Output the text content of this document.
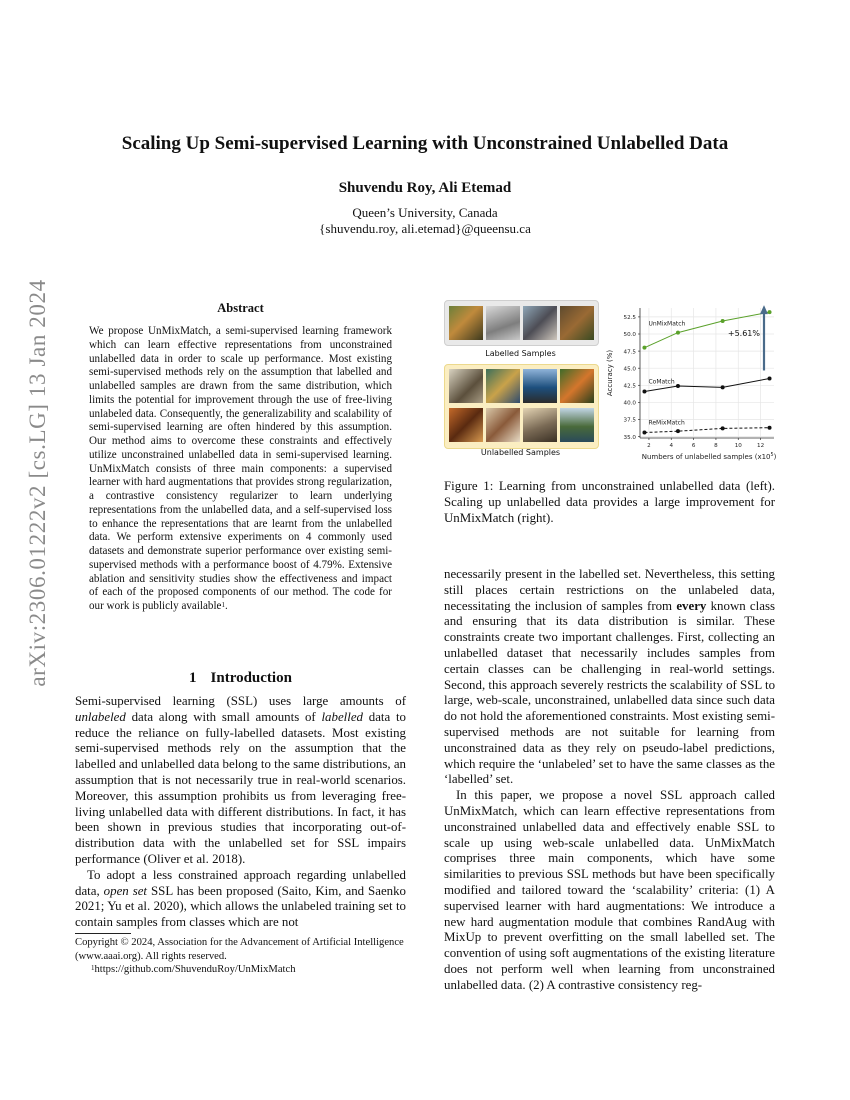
arXiv:2306.01222v2 [cs.LG] 13 Jan 2024
Scaling Up Semi-supervised Learning with Unconstrained Unlabelled Data
Shuvendu Roy, Ali Etemad
Queen’s University, Canada
{shuvendu.roy, ali.etemad}@queensu.ca
Abstract
We propose UnMixMatch, a semi-supervised learning framework which can learn effective representations from unconstrained unlabelled data in order to scale up performance. Most existing semi-supervised methods rely on the assumption that labelled and unlabelled samples are drawn from the same distribution, which limits the potential for improvement through the use of free-living unlabeled data. Consequently, the generalizability and scalability of semi-supervised learning are often hindered by this assumption. Our method aims to overcome these constraints and effectively utilize unconstrained unlabelled data in semi-supervised learning. UnMixMatch consists of three main components: a supervised learner with hard augmentations that provides strong regularization, a contrastive consistency regularizer to learn underlying representations from the unlabelled data, and a self-supervised loss to enhance the representations that are learnt from the unlabelled data. We perform extensive experiments on 4 commonly used datasets and demonstrate superior performance over existing semi-supervised methods with a performance boost of 4.79%. Extensive ablation and sensitivity studies show the effectiveness and impact of each of the proposed components of our method. The code for our work is publicly available$^1$.
1 Introduction

Semi-supervised learning (SSL) uses large amounts of unlabeled data along with small amounts of labelled data to reduce the reliance on fully-labelled datasets. Most existing semi-supervised methods rely on the assumption that the labelled and unlabelled data belong to the same distributions, an assumption that is not necessarily true in real-world scenarios. Moreover, this assumption prohibits us from leveraging free-living unlabelled data with different distributions. In fact, it has been shown in previous studies that incorporating out-of-distribution data with the unlabelled set for SSL impairs performance (Oliver et al. 2018).

To adopt a less constrained approach regarding unlabelled data, open set SSL has been proposed (Saito, Kim, and Saenko 2021; Yu et al. 2020), which allows the unlabeled training set to contain samples from classes which are not

Copyright © 2024, Association for the Advancement of Artificial Intelligence (www.aaai.org). All rights reserved.
$^1$https://github.com/ShuvenduRoy/UnMixMatch
Labelled Samples
Unlabelled Samples
35.0
37.5
40.0
42.5
45.0
47.5
50.0
52.5
2	4	6	8	10	12
Accuracy (%)
Numbers of unlabelled samples $(x10^5)$
UnMixMatch
CoMatch
ReMixMatch
+5.61%
Figure 1: Learning from unconstrained unlabelled data (left). Scaling up unlabelled data provides a large improvement for UnMixMatch (right).

necessarily present in the labelled set. Nevertheless, this setting still places certain restrictions on the unlabeled data, necessitating the inclusion of samples from every known class and ensuring that its data distribution is similar. These constraints create two important challenges. First, collecting an unlabelled dataset that necessarily includes samples from certain classes can be challenging in real-world settings. Second, this approach severely restricts the scalability of SSL to large, web-scale, unconstrained, unlabelled data since such data do not hold the aforementioned constraints. Most existing semi-supervised methods are not suitable for learning from unconstrained data as they rely on pseudo-label predictions, which require the ‘unlabeled’ set to have the same classes as the ‘labelled’ set.

In this paper, we propose a novel SSL approach called UnMixMatch, which can learn effective representations from unconstrained unlabelled data and effectively enable SSL to scale up using web-scale unlabelled data. UnMixMatch comprises three main components, which have some similarities to previous SSL methods but have been specifically modified and tailored toward the ‘scalability’ criteria: (1) A supervised learner with hard augmentations: We introduce a new hard augmentation module that combines RandAug with MixUp to prevent overfitting on the small labelled set. The convention of using soft augmentations of the existing literature does not perform well when learning from unconstrained unlabelled data. (2) A contrastive consistency reg-
